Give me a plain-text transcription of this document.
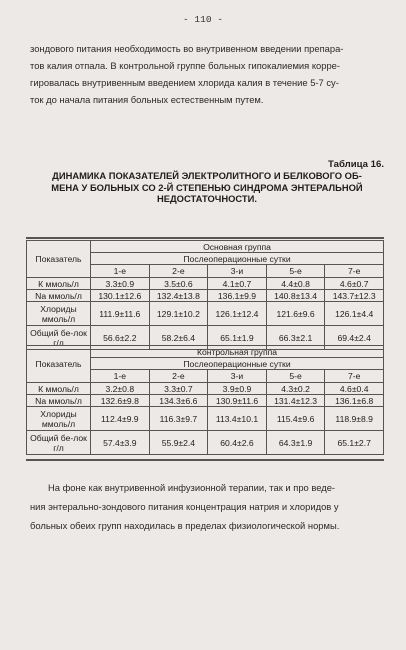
- 110 -

зондового питания необходимость во внутривенном введении препара-

тов калия отпала. В контрольной группе больных гипокалиемия корре-

гировалась внутривенным введением хлорида калия в течение 5-7 су-

ток до начала питания больных естественным путем.

Таблица 16.
ДИНАМИКА ПОКАЗАТЕЛЕЙ ЭЛЕКТРОЛИТНОГО И БЕЛКОВОГО ОБ-
МЕНА У БОЛЬНЫХ СО 2-Й СТЕПЕНЬЮ СИНДРОМА ЭНТЕРАЛЬНОЙ
НЕДОСТАТОЧНОСТИ.
Показатель	Основная группа				
	Послеоперационные сутки				
	1-е	2-е	3-и	5-е	7-е
К ммоль/л	3.3±0.9	3.5±0.6	4.1±0.7	4.4±0.8	4.6±0.7
Na ммоль/л	130.1±12.6	132.4±13.8	136.1±9.9	140.8±13.4	143.7±12.3
Хлориды ммоль/л	111.9±11.6	129.1±10.2	126.1±12.4	121.6±9.6	126.1±4.4
Общий бе-лок г/л	56.6±2.2	58.2±6.4	65.1±1.9	66.3±2.1	69.4±2.4
Показатель	Контрольная группа				
	Послеоперационные сутки				
	1-е	2-е	3-и	5-е	7-е
К ммоль/л	3.2±0.8	3.3±0.7	3.9±0.9	4.3±0.2	4.6±0.4
Na ммоль/л	132.6±9.8	134.3±6.6	130.9±11.6	131.4±12.3	136.1±6.8
Хлориды ммоль/л	112.4±9.9	116.3±9.7	113.4±10.1	115.4±9.6	118.9±8.9
Общий бе-лок г/л	57.4±3.9	55.9±2.4	60.4±2.6	64.3±1.9	65.1±2.7

На фоне как внутривенной инфузионной терапии, так и про веде-

ния энтерально-зондового питания концентрация натрия и хлоридов у

больных обеих групп находилась в пределах физиологической нормы.
